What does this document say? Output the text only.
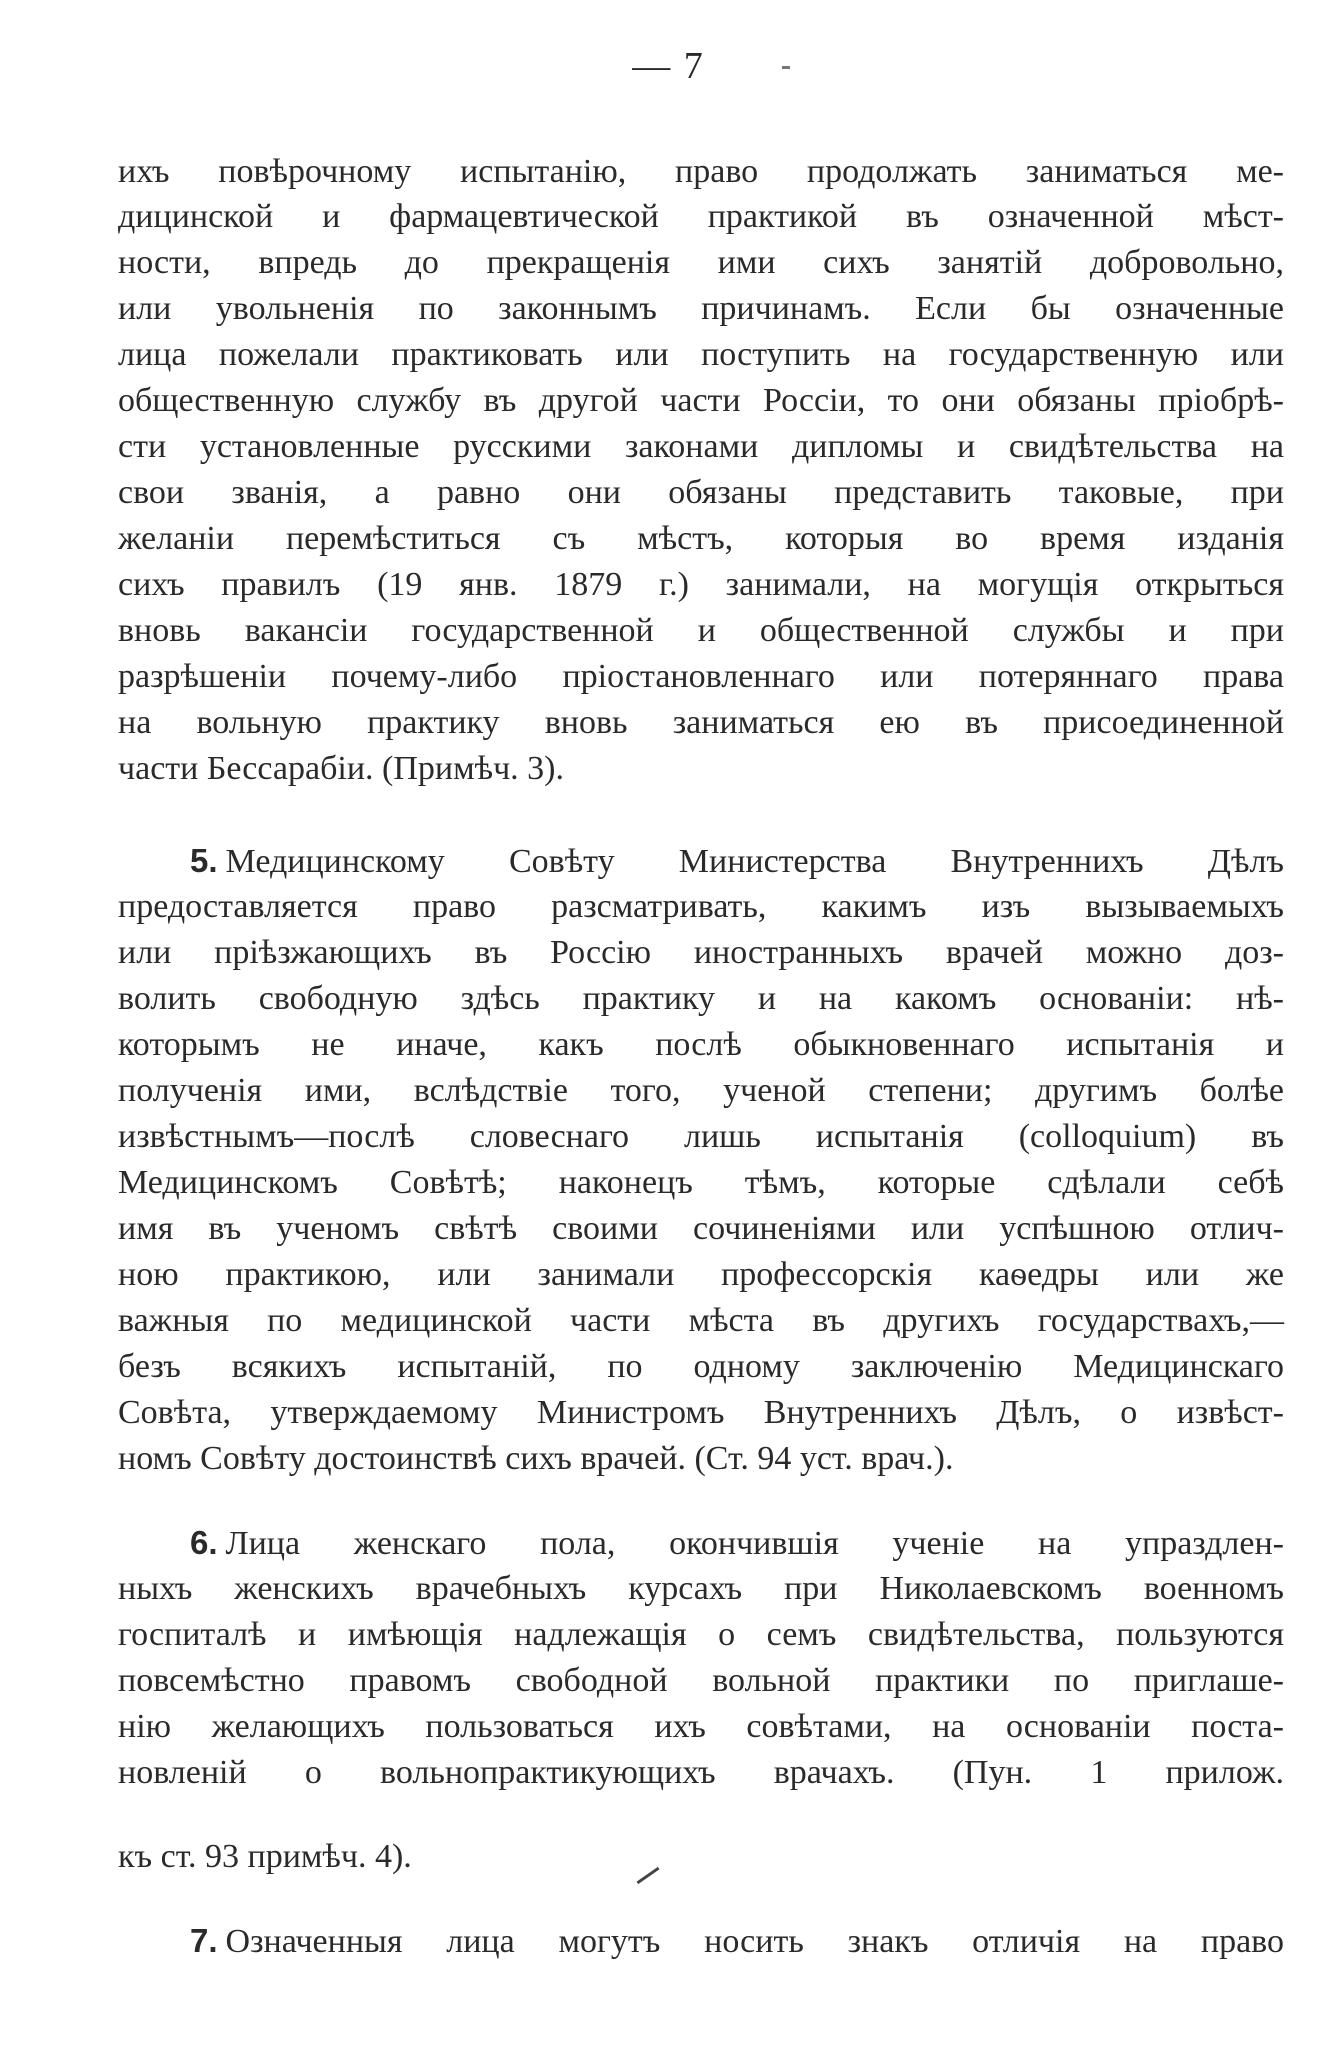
— 7
ихъ повѣрочному испытанію, право продолжать заниматься ме-
дицинской и фармацевтической практикой въ означенной мѣст-
ности, впредь до прекращенія ими сихъ занятій добровольно,
или увольненія по законнымъ причинамъ. Если бы означенные
лица пожелали практиковать или поступить на государственную или
общественную службу въ другой части Россіи, то они обязаны пріобрѣ-
сти установленные русскими законами дипломы и свидѣтельства на
свои званія, а равно они обязаны представить таковые, при
желаніи перемѣститься съ мѣстъ, которыя во время изданія
сихъ правилъ (19 янв. 1879 г.) занимали, на могущія открыться
вновь вакансіи государственной и общественной службы и при
разрѣшеніи почему-либо пріостановленнаго или потеряннаго права
на вольную практику вновь заниматься ею въ присоединенной
части Бессарабіи. (Примѣч. 3).
5. Медицинскому Совѣту Министерства Внутреннихъ Дѣлъ
предоставляется право разсматривать, какимъ изъ вызываемыхъ
или пріѣзжающихъ въ Россію иностранныхъ врачей можно доз-
волить свободную здѣсь практику и на какомъ основаніи: нѣ-
которымъ не иначе, какъ послѣ обыкновеннаго испытанія и
полученія ими, вслѣдствіе того, ученой степени; другимъ болѣе
извѣстнымъ—послѣ словеснаго лишь испытанія (colloquium) въ
Медицинскомъ Совѣтѣ; наконецъ тѣмъ, которые сдѣлали себѣ
имя въ ученомъ свѣтѣ своими сочиненіями или успѣшною отлич-
ною практикою, или занимали профессорскія каѳедры или же
важныя по медицинской части мѣста въ другихъ государствахъ,—
безъ всякихъ испытаній, по одному заключенію Медицинскаго
Совѣта, утверждаемому Министромъ Внутреннихъ Дѣлъ, о извѣст-
номъ Совѣту достоинствѣ сихъ врачей. (Ст. 94 уст. врач.).
6. Лица женскаго пола, окончившія ученіе на упраздлен-
ныхъ женскихъ врачебныхъ курсахъ при Николаевскомъ военномъ
госпиталѣ и имѣющія надлежащія о семъ свидѣтельства, пользуются
повсемѣстно правомъ свободной вольной практики по приглаше-
нію желающихъ пользоваться ихъ совѣтами, на основаніи поста-
новленій о вольнопрактикующихъ врачахъ. (Пун. 1 прилож.
къ ст. 93 примѣч. 4).
7. Означенныя лица могутъ носить знакъ отличія на право
